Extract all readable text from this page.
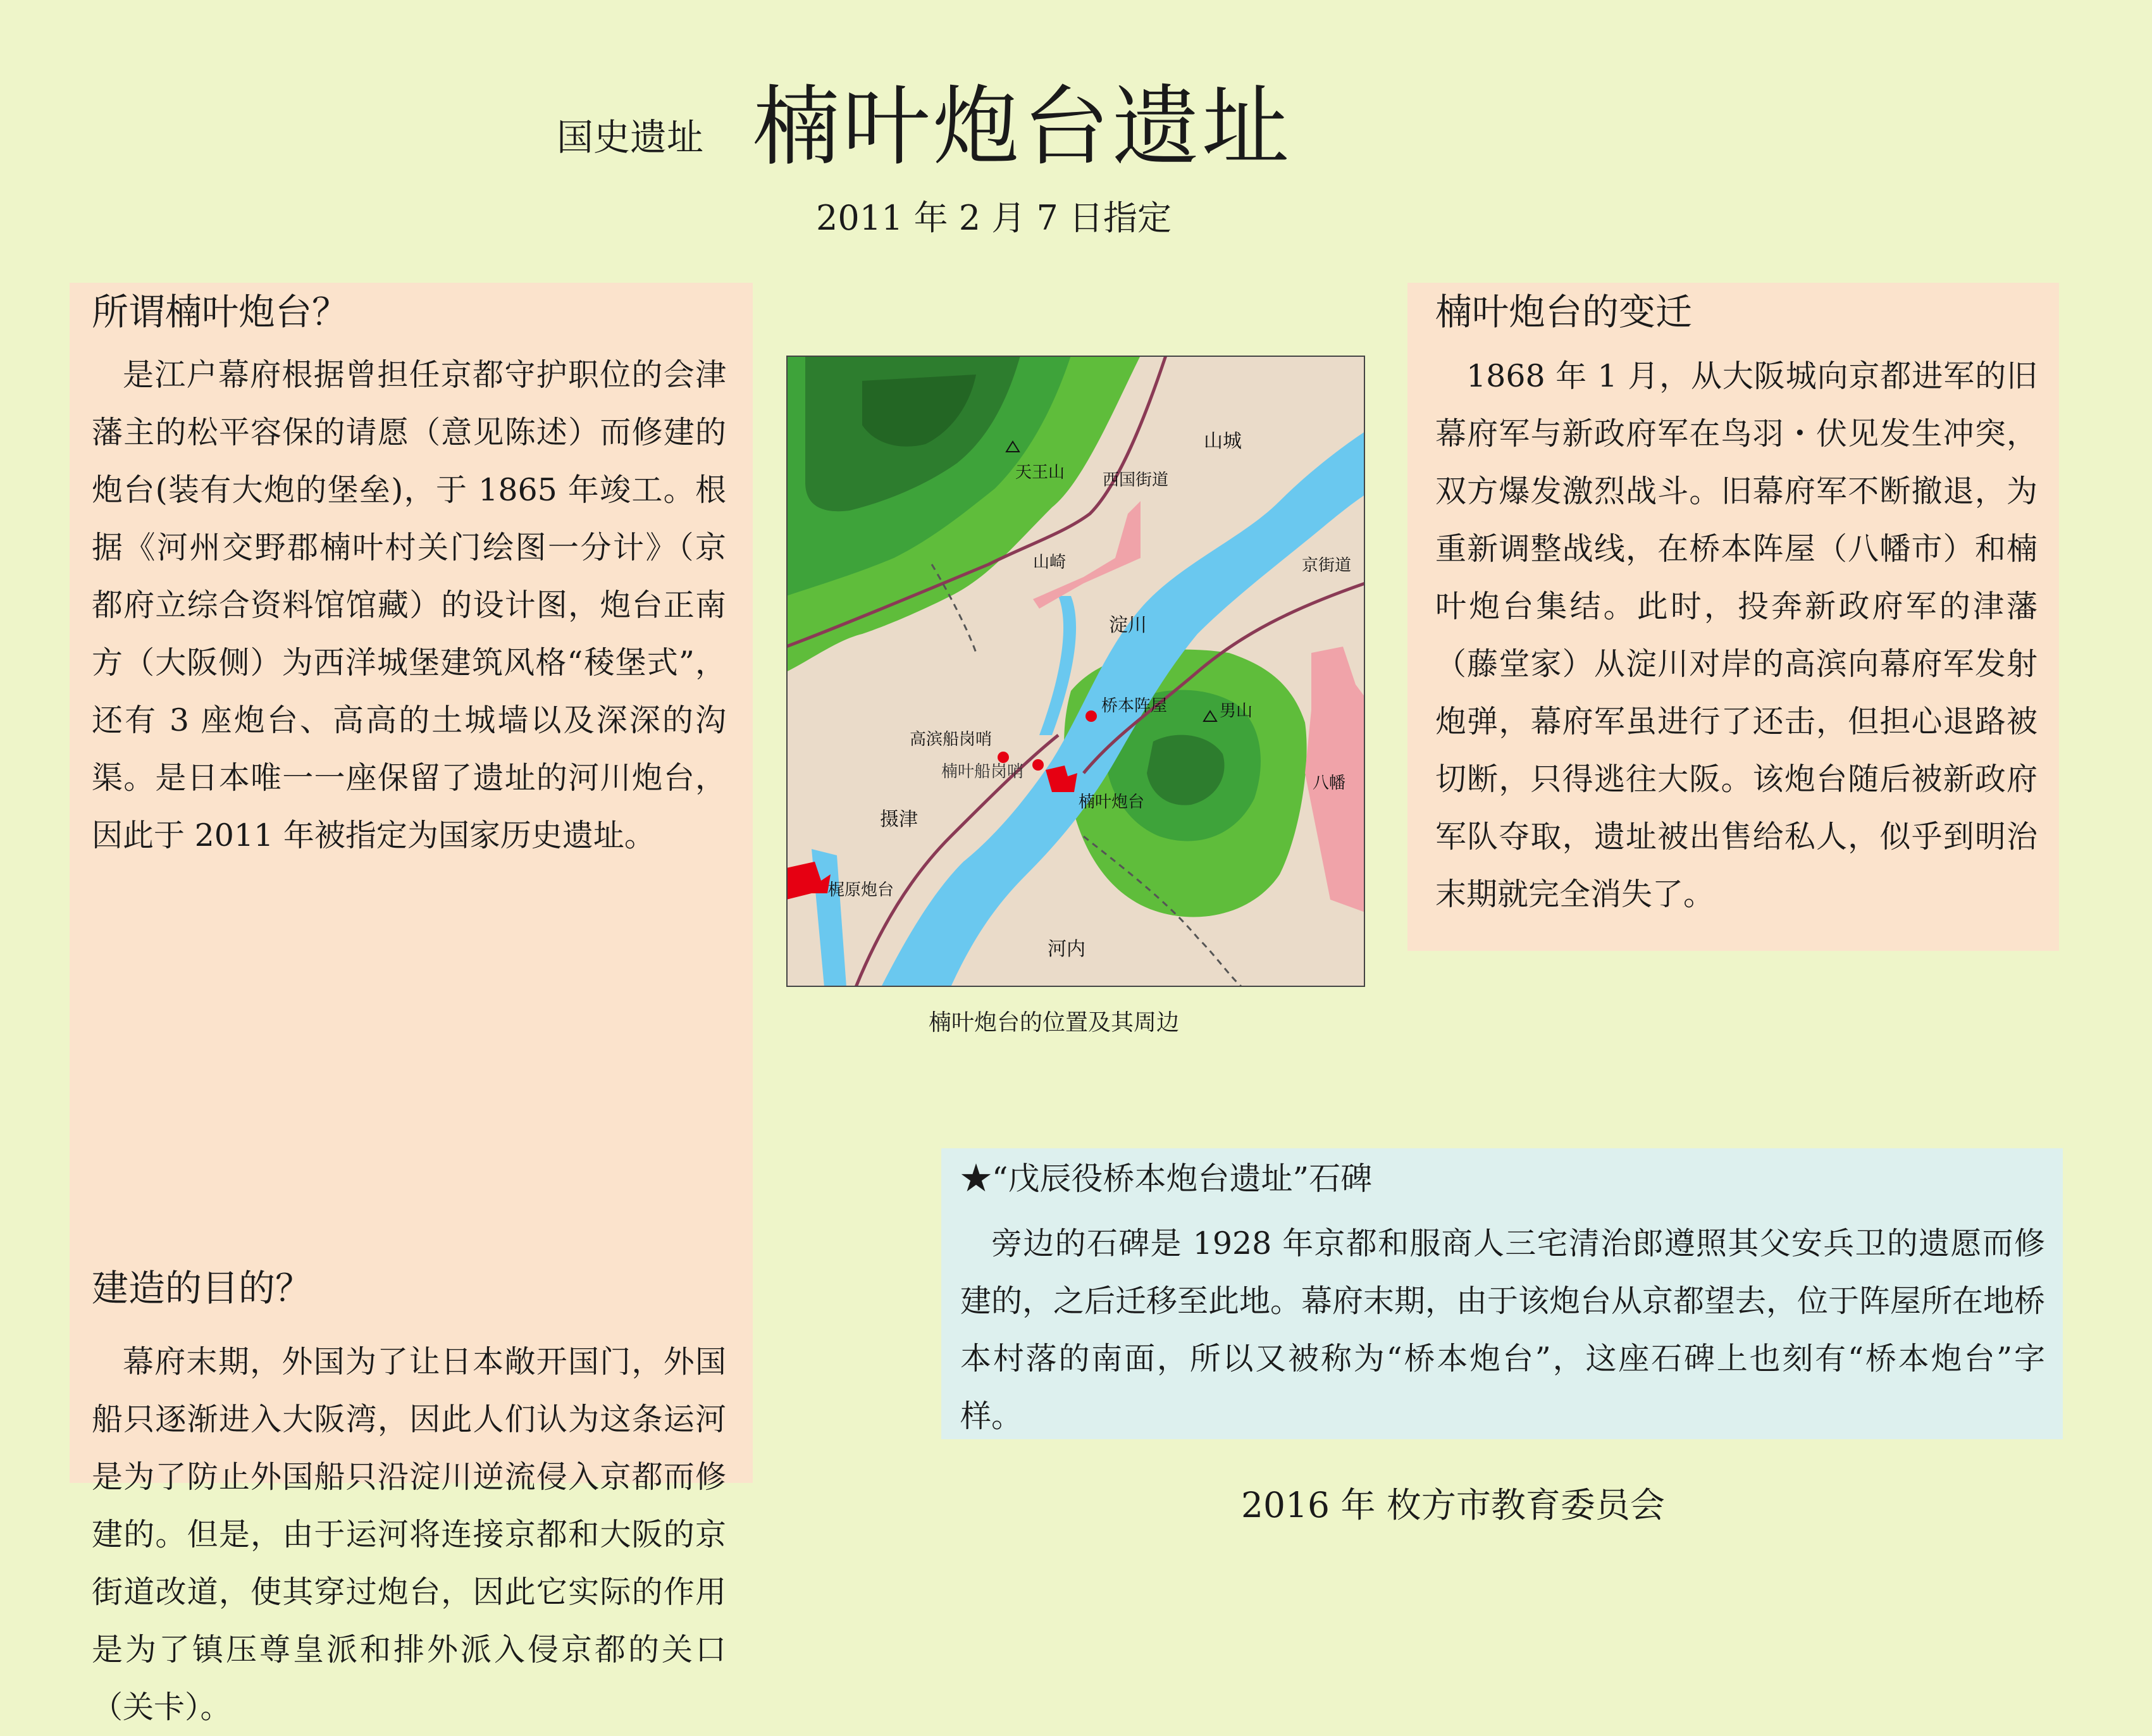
国史遗址 楠叶炮台遗址
2011 年 2 月 7 日指定

所谓楠叶炮台？

是江户幕府根据曾担任京都守护职位的会津藩主的松平容保的请愿（意见陈述）而修建的炮台(装有大炮的堡垒)，于 1865 年竣工。根据《河州交野郡楠叶村关门绘图一分计》（京都府立综合资料馆馆藏）的设计图，炮台正南方（大阪侧）为西洋城堡建筑风格“稜堡式”，还有 3 座炮台、高高的土城墙以及深深的沟渠。是日本唯一一座保留了遗址的河川炮台，因此于 2011 年被指定为国家历史遗址。

建造的目的？

幕府末期，外国为了让日本敞开国门，外国船只逐渐进入大阪湾，因此人们认为这条运河是为了防止外国船只沿淀川逆流侵入京都而修建的。但是，由于运河将连接京都和大阪的京街道改道，使其穿过炮台，因此它实际的作用是为了镇压尊皇派和排外派入侵京都的关口（关卡）。

楠叶炮台的变迁

1868 年 1 月，从大阪城向京都进军的旧幕府军与新政府军在鸟羽・伏见发生冲突，双方爆发激烈战斗。旧幕府军不断撤退，为重新调整战线，在桥本阵屋（八幡市）和楠叶炮台集结。此时，投奔新政府军的津藩（藤堂家）从淀川对岸的高滨向幕府军发射炮弹，幕府军虽进行了还击，但担心退路被切断，只得逃往大阪。该炮台随后被新政府军队夺取，遗址被出售给私人，似乎到明治末期就完全消失了。

山城
天王山 西国街道
山崎	京街道
淀川
桥本阵屋	男山
高滨船岗哨
楠叶船岗哨
楠叶炮台
八幡
摄津
梶原炮台
河内
楠叶炮台的位置及其周边

★“戊辰役桥本炮台遗址”石碑

旁边的石碑是 1928 年京都和服商人三宅清治郎遵照其父安兵卫的遗愿而修建的，之后迁移至此地。幕府末期，由于该炮台从京都望去，位于阵屋所在地桥本村落的南面，所以又被称为“桥本炮台”，这座石碑上也刻有“桥本炮台”字样。

2016 年 枚方市教育委员会
